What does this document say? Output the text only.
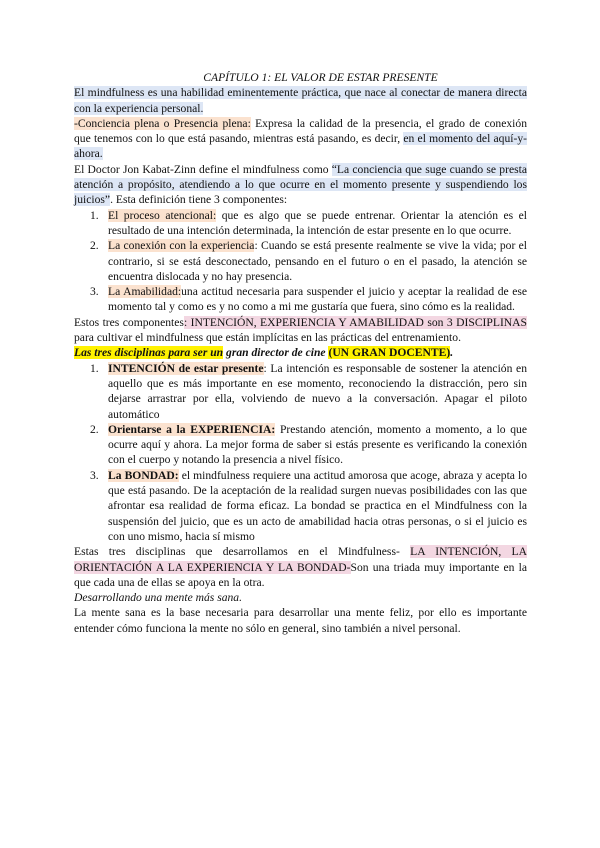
CAPÍTULO 1: EL VALOR DE ESTAR PRESENTE

El mindfulness es una habilidad eminentemente práctica, que nace al conectar de manera directa con la experiencia personal.

-Conciencia plena o Presencia plena: Expresa la calidad de la presencia, el grado de conexión que tenemos con lo que está pasando, mientras está pasando, es decir, en el momento del aquí-y-ahora.

El Doctor Jon Kabat-Zinn define el mindfulness como “La conciencia que suge cuando se presta atención a propósito, atendiendo a lo que ocurre en el momento presente y suspendiendo los juicios”. Esta definición tiene 3 componentes:

1. El proceso atencional: que es algo que se puede entrenar. Orientar la atención es el resultado de una intención determinada, la intención de estar presente en lo que ocurre.
2. La conexión con la experiencia: Cuando se está presente realmente se vive la vida; por el contrario, si se está desconectado, pensando en el futuro o en el pasado, la atención se encuentra dislocada y no hay presencia.
3. La Amabilidad:una actitud necesaria para suspender el juicio y aceptar la realidad de ese momento tal y como es y no como a mi me gustaría que fuera, sino cómo es la realidad.

Estos tres componentes: INTENCIÓN, EXPERIENCIA Y AMABILIDAD son 3 DISCIPLINAS para cultivar el mindfulness que están implícitas en las prácticas del entrenamiento.

Las tres disciplinas para ser un gran director de cine (UN GRAN DOCENTE).

1. INTENCIÓN de estar presente: La intención es responsable de sostener la atención en aquello que es más importante en ese momento, reconociendo la distracción, pero sin dejarse arrastrar por ella, volviendo de nuevo a la conversación. Apagar el piloto automático
2. Orientarse a la EXPERIENCIA: Prestando atención, momento a momento, a lo que ocurre aquí y ahora. La mejor forma de saber si estás presente es verificando la conexión con el cuerpo y notando la presencia a nivel físico.
3. La BONDAD: el mindfulness requiere una actitud amorosa que acoge, abraza y acepta lo que está pasando. De la aceptación de la realidad surgen nuevas posibilidades con las que afrontar esa realidad de forma eficaz. La bondad se practica en el Mindfulness con la suspensión del juicio, que es un acto de amabilidad hacia otras personas, o si el juicio es con uno mismo, hacia sí mismo

Estas tres disciplinas que desarrollamos en el Mindfulness- LA INTENCIÓN, LA ORIENTACIÓN A LA EXPERIENCIA Y LA BONDAD-Son una triada muy importante en la que cada una de ellas se apoya en la otra.

Desarrollando una mente más sana.

La mente sana es la base necesaria para desarrollar una mente feliz, por ello es importante entender cómo funciona la mente no sólo en general, sino también a nivel personal.
